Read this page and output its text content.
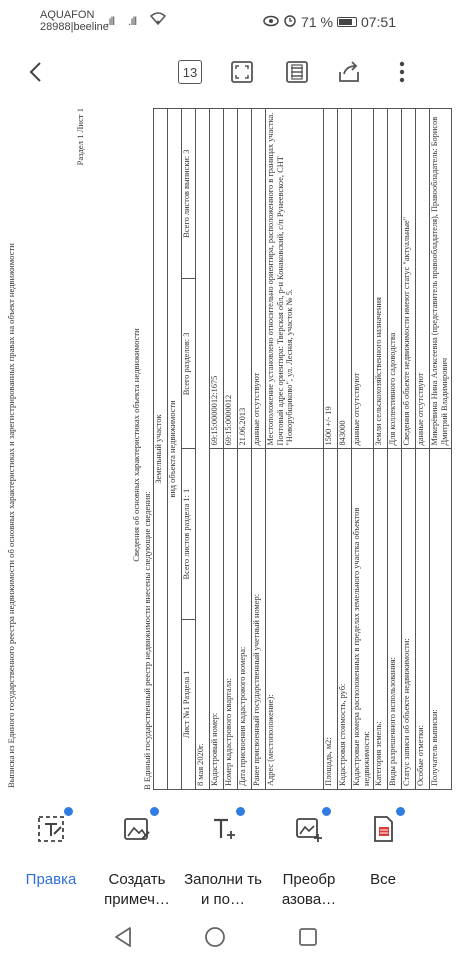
AQUAFON
28988|beeline
.ıll .ıll	71 % 07:51
13
Выписка из Единого государственного реестра недвижимости об основных характеристиках и зарегистрированных правах на объект недвижимости
Раздел 1 Лист 1
Сведения об основных характеристиках объекта недвижимости
В Единый государственный реестр недвижимости внесены следующие сведения:
Земельный участок			
вид объекта недвижимости			
Лист №1 Раздела 1	Всего листов раздела 1: 1	Всего разделов: 3	Всего листов выписки: 3
8 мая 2020г.			
Кадастровый номер:		69:15:0000012:1675	
Номер кадастрового квартала:		69:15:0000012	
Дата присвоения кадастрового номера:		21.06.2013	
Ранее присвоенный государственный учетный номер:		данные отсутствуют	
Адрес (местоположение):		Местоположение установлено относительно ориентира, расположенного в границах участка. Почтовый адрес ориентира: Тверская обл, р-н Конаковский, с/п Рунеевское, СНТ "Новорубщиково", ул. Лесная, участок № 5.	
Площадь, м2:		1500 +/- 19	
Кадастровая стоимость, руб:		843000	
Кадастровые номера расположенных в пределах земельного участка объектов недвижимости:		данные отсутствуют	
Категория земель:		Земли сельскохозяйственного назначения	
Виды разрешенного использования:		Для коллективного садоводства	
Статус записи об объекте недвижимости:		Сведения об объекте недвижимости имеют статус "актуальные"	
Особые отметки:		данные отсутствуют	
Получатель выписки:		Микерёвина Нина Алексеевна (представитель правообладателя), Правообладатель: Борисов Дмитрий Владимирович	
Правка	Создать примеч…
Заполни ть и по…
Преобр азова…
Все
